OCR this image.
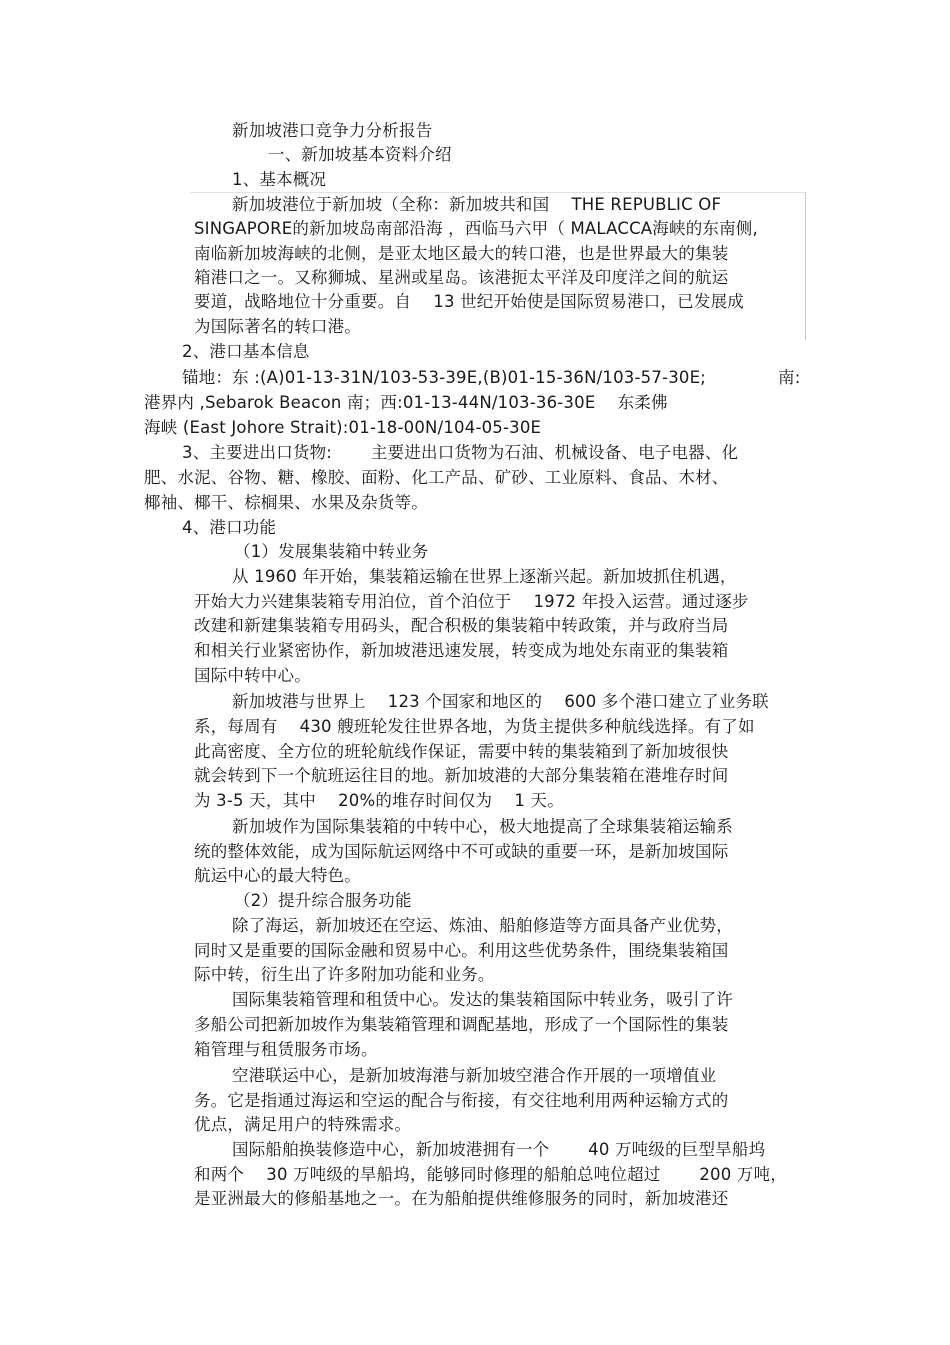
新加坡港口竞争力分析报告
一、新加坡基本资料介绍
1、基本概况
新加坡港位于新加坡（全称：新加坡共和国 　THE REPUBLIC OF
SINGAPORE的新加坡岛南部沿海 ，西临马六甲（ MALACCA海峡的东南侧,
南临新加坡海峡的北侧，是亚太地区最大的转口港，也是世界最大的集装
箱港口之一。又称狮城、星洲或星岛。该港扼太平洋及印度洋之间的航运
要道，战略地位十分重要。自 　13 世纪开始使是国际贸易港口，已发展成
为国际著名的转口港。
2、港口基本信息
锚地：东 :(A)01-13-31N/103-53-39E,(B)01-15-36N/103-57-30E;	南:
港界内 ,Sebarok Beacon 南；西:01-13-44N/103-36-30E 　东柔佛
海峡 (East Johore Strait):01-18-00N/104-05-30E
3、主要进出口货物: 　　主要进出口货物为石油、机械设备、电子电器、化
肥、水泥、谷物、糖、橡胶、面粉、化工产品、矿砂、工业原料、食品、木材、
椰袖、椰干、棕榈果、水果及杂货等。
4、港口功能
（1）发展集装箱中转业务
从 1960 年开始，集装箱运输在世界上逐渐兴起。新加坡抓住机遇，
开始大力兴建集装箱专用泊位，首个泊位于 　1972 年投入运营。通过逐步
改建和新建集装箱专用码头，配合积极的集装箱中转政策，并与政府当局
和相关行业紧密协作，新加坡港迅速发展，转变成为地处东南亚的集装箱
国际中转中心。
新加坡港与世界上 　123 个国家和地区的 　600 多个港口建立了业务联
系，每周有 　430 艘班轮发往世界各地，为货主提供多种航线选择。有了如
此高密度、全方位的班轮航线作保证，需要中转的集装箱到了新加坡很快
就会转到下一个航班运往目的地。新加坡港的大部分集装箱在港堆存时间
为 3-5 天，其中 　20%的堆存时间仅为 　1 天。
新加坡作为国际集装箱的中转中心，极大地提高了全球集装箱运输系
统的整体效能，成为国际航运网络中不可或缺的重要一环，是新加坡国际
航运中心的最大特色。
（2）提升综合服务功能
除了海运，新加坡还在空运、炼油、船舶修造等方面具备产业优势，
同时又是重要的国际金融和贸易中心。利用这些优势条件，围绕集装箱国
际中转，衍生出了许多附加功能和业务。
国际集装箱管理和租赁中心。发达的集装箱国际中转业务，吸引了许
多船公司把新加坡作为集装箱管理和调配基地，形成了一个国际性的集装
箱管理与租赁服务市场。
空港联运中心，是新加坡海港与新加坡空港合作开展的一项增值业
务。它是指通过海运和空运的配合与衔接，有交往地利用两种运输方式的
优点，满足用户的特殊需求。
国际船舶换装修造中心，新加坡港拥有一个 　　40 万吨级的巨型旱船坞
和两个 　30 万吨级的旱船坞，能够同时修理的船舶总吨位超过 　　200 万吨，
是亚洲最大的修船基地之一。在为船舶提供维修服务的同时，新加坡港还
